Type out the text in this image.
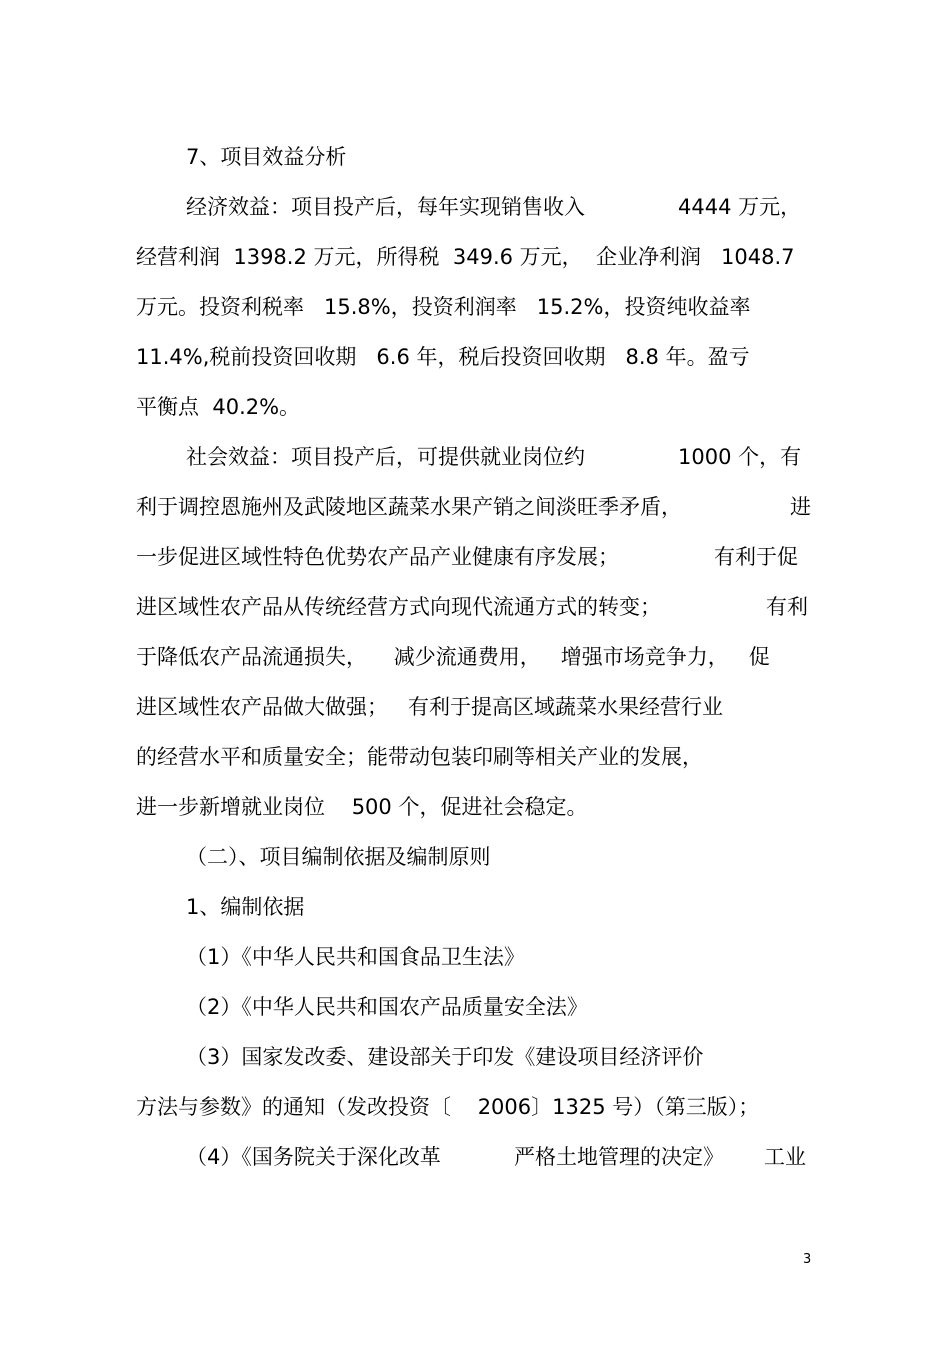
7、项目效益分析

经济效益：项目投产后，每年实现销售收入

	4444 万元，

经营利润  1398.2 万元，所得税  349.6 万元，  企业净利润   1048.7

万元。投资利税率   15.8%，投资利润率   15.2%，投资纯收益率

11.4%,税前投资回收期   6.6 年，税后投资回收期   8.8 年。盈亏

平衡点  40.2%。

社会效益：项目投产后，可提供就业岗位约

	1000 个，有

利于调控恩施州及武陵地区蔬菜水果产销之间淡旺季矛盾，

	进

一步促进区域性特色优势农产品产业健康有序发展；

	有利于促

进区域性农产品从传统经营方式向现代流通方式的转变；

	有利

于降低农产品流通损失，    减少流通费用，   增强市场竞争力，   促

进区域性农产品做大做强；   有利于提高区域蔬菜水果经营行业

的经营水平和质量安全；能带动包装印刷等相关产业的发展，

进一步新增就业岗位    500 个，促进社会稳定。

（二）、项目编制依据及编制原则

1、编制依据

（1）《中华人民共和国食品卫生法》

（2）《中华人民共和国农产品质量安全法》

（3）国家发改委、建设部关于印发《建设项目经济评价

方法与参数》的通知（发改投资〔    2006〕1325 号）（第三版）；

（4）《国务院关于深化改革

	严格土地管理的决定》

工业

3
